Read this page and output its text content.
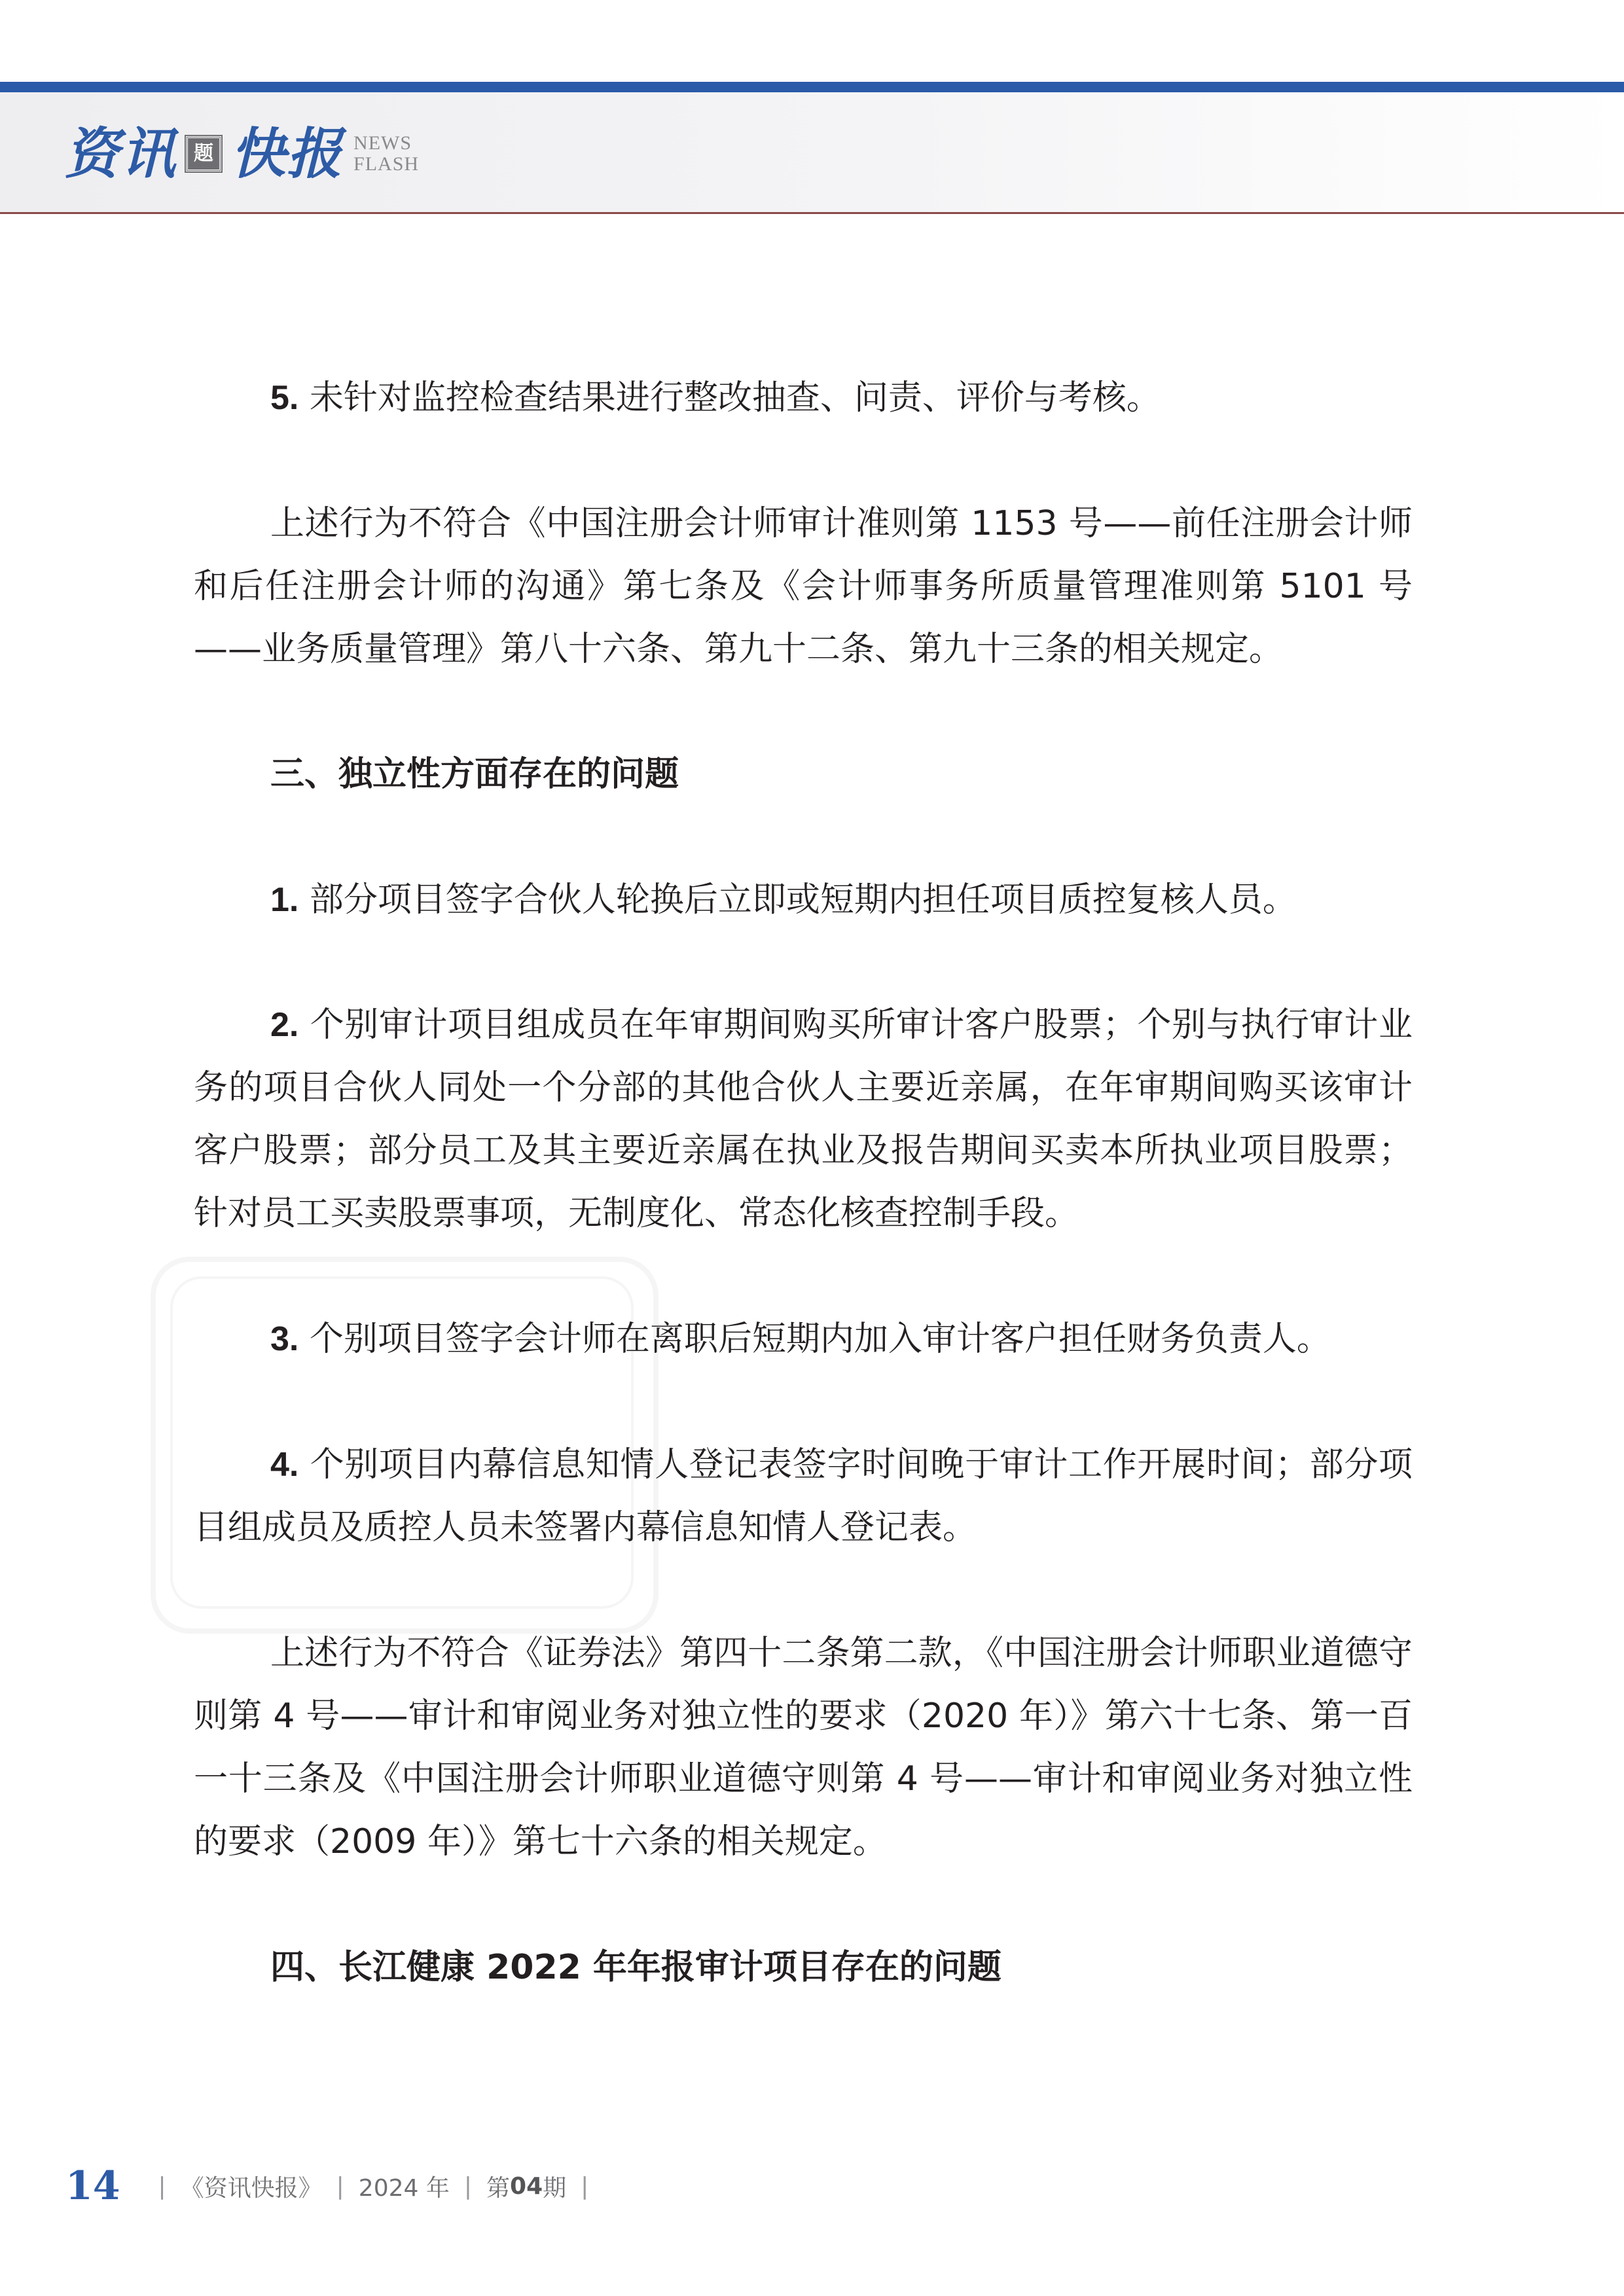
资讯 题 快报 NEWS
FLASH

5. 未针对监控检查结果进行整改抽查、问责、评价与考核。

上述行为不符合《中国注册会计师审计准则第 1153 号——前任注册会计师和后任注册会计师的沟通》第七条及《会计师事务所质量管理准则第 5101 号——业务质量管理》第八十六条、第九十二条、第九十三条的相关规定。

三、独立性方面存在的问题

1. 部分项目签字合伙人轮换后立即或短期内担任项目质控复核人员。

2. 个别审计项目组成员在年审期间购买所审计客户股票；个别与执行审计业务的项目合伙人同处一个分部的其他合伙人主要近亲属，在年审期间购买该审计客户股票；部分员工及其主要近亲属在执业及报告期间买卖本所执业项目股票；针对员工买卖股票事项，无制度化、常态化核查控制手段。

3. 个别项目签字会计师在离职后短期内加入审计客户担任财务负责人。

4. 个别项目内幕信息知情人登记表签字时间晚于审计工作开展时间；部分项目组成员及质控人员未签署内幕信息知情人登记表。

上述行为不符合《证券法》第四十二条第二款，《中国注册会计师职业道德守则第 4 号——审计和审阅业务对独立性的要求（2020 年）》第六十七条、第一百一十三条及《中国注册会计师职业道德守则第 4 号——审计和审阅业务对独立性的要求（2009 年）》第七十六条的相关规定。

四、长江健康 2022 年年报审计项目存在的问题

14 | 《资讯快报》 | 2024 年 | 第 04 期 |
